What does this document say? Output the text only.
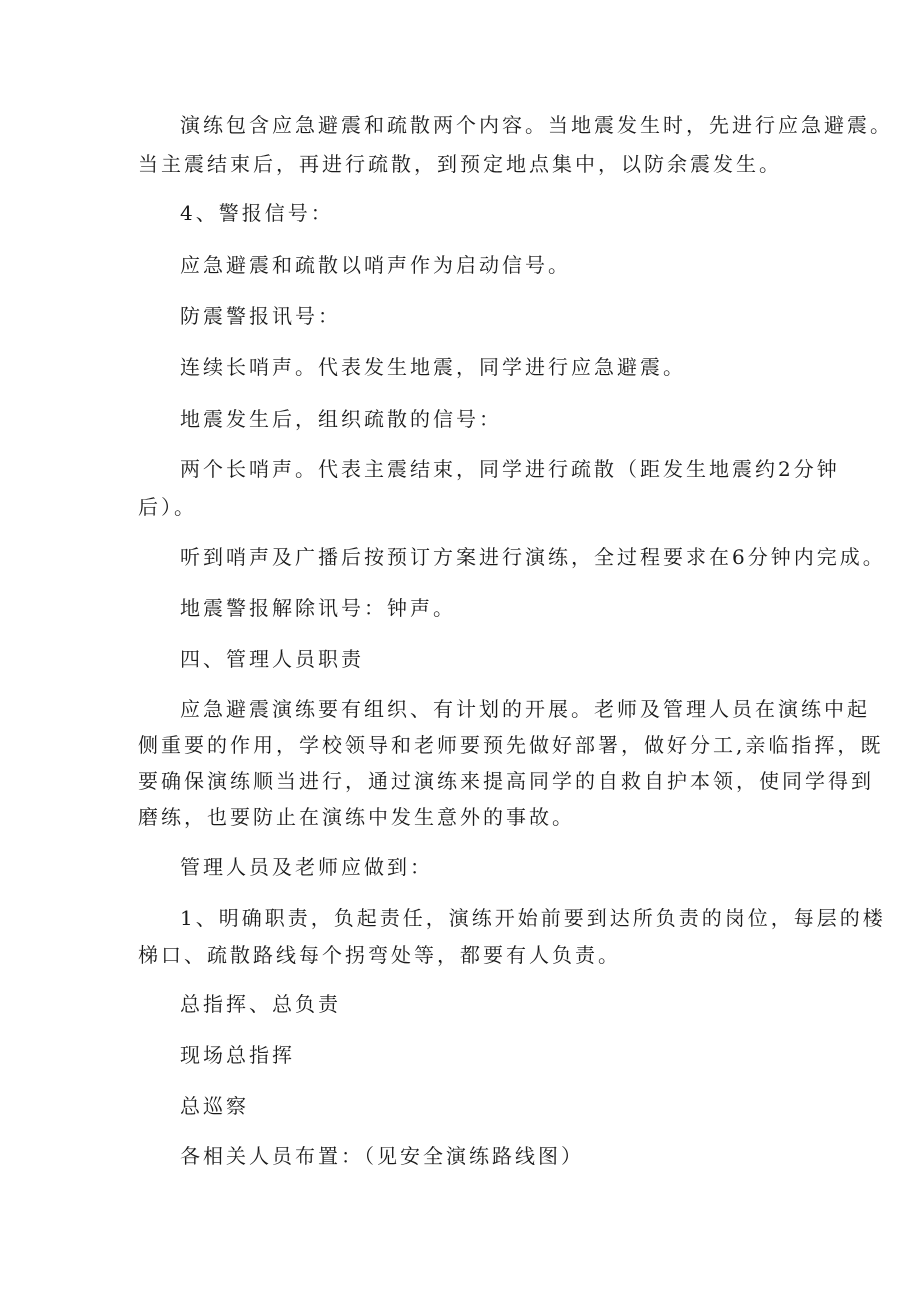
演练包含应急避震和疏散两个内容。当地震发生时，先进行应急避震。
当主震结束后，再进行疏散，到预定地点集中，以防余震发生。
4、警报信号：
应急避震和疏散以哨声作为启动信号。
防震警报讯号：
连续长哨声。代表发生地震，同学进行应急避震。
地震发生后，组织疏散的信号：
两个长哨声。代表主震结束，同学进行疏散（距发生地震约2分钟
后）。
听到哨声及广播后按预订方案进行演练，全过程要求在6分钟内完成。
地震警报解除讯号：钟声。
四、管理人员职责
应急避震演练要有组织、有计划的开展。老师及管理人员在演练中起
侧重要的作用，学校领导和老师要预先做好部署，做好分工,亲临指挥，既
要确保演练顺当进行，通过演练来提高同学的自救自护本领，使同学得到
磨练，也要防止在演练中发生意外的事故。
管理人员及老师应做到：
1、明确职责，负起责任，演练开始前要到达所负责的岗位，每层的楼
梯口、疏散路线每个拐弯处等，都要有人负责。
总指挥、总负责
现场总指挥
总巡察
各相关人员布置：（见安全演练路线图）
